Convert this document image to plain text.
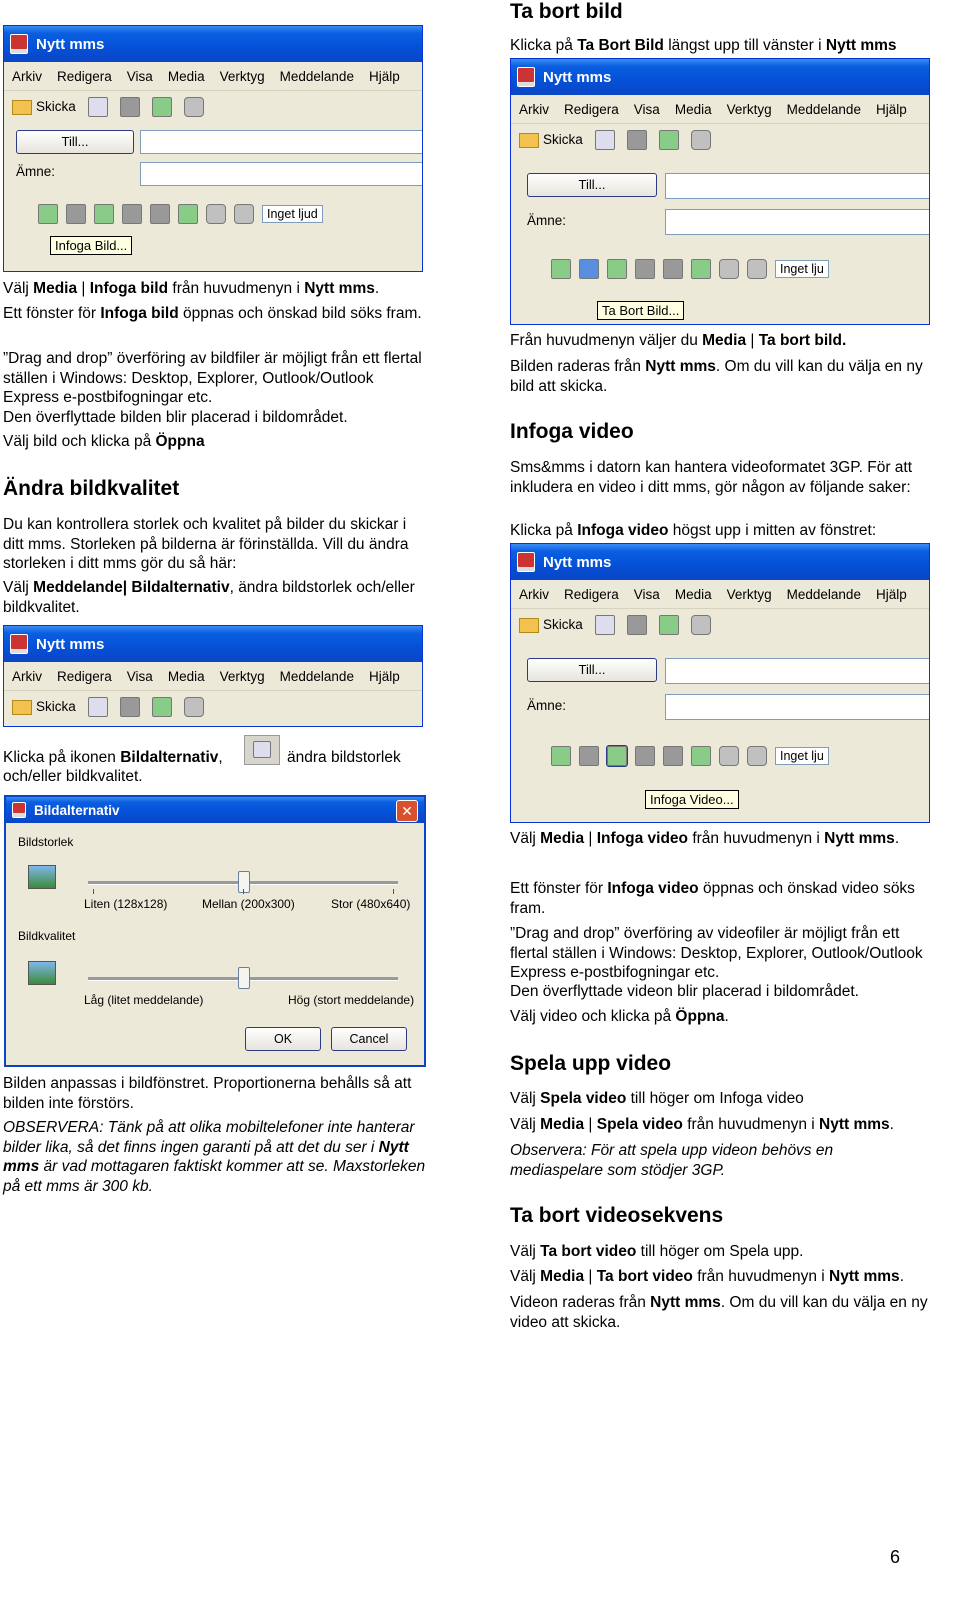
Nytt mms
Arkiv Redigera Visa Media Verktyg Meddelande Hjälp
Skicka
Till...
Ämne:
Inget ljud
Infoga Bild...
Välj Media | Infoga bild från huvudmenyn i Nytt mms.
Ett fönster för Infoga bild öppnas och önskad bild söks fram.
”Drag and drop” överföring av bildfiler är möjligt från ett flertal ställen i Windows: Desktop, Explorer, Outlook/Outlook Express e-postbifogningar etc.
Den överflyttade bilden blir placerad i bildområdet.
Välj bild och klicka på Öppna
Ändra bildkvalitet
Du kan kontrollera storlek och kvalitet på bilder du skickar i ditt mms. Storleken på bilderna är förinställda. Vill du ändra storleken i ditt mms gör du så här:
Välj Meddelande| Bildalternativ, ändra bildstorlek och/eller bildkvalitet.
Nytt mms
Arkiv Redigera Visa Media Verktyg Meddelande Hjälp
Skicka
Klicka på ikonen Bildalternativ,	ändra bildstorlek
och/eller bildkvalitet.
Bildalternativ	✕
Bildstorlek
Liten (128x128)	Mellan (200x300)	Stor (480x640)
Bildkvalitet
Låg (litet meddelande)	Hög (stort meddelande)
OK	Cancel
Bilden anpassas i bildfönstret. Proportionerna behålls så att bilden inte förstörs.
OBSERVERA: Tänk på att olika mobiltelefoner inte hanterar bilder lika, så det finns ingen garanti på att det du ser i Nytt mms är vad mottagaren faktiskt kommer att se. Maxstorleken på ett mms är 300 kb.
Ta bort bild
Klicka på Ta Bort Bild längst upp till vänster i Nytt mms
Nytt mms
Arkiv Redigera Visa Media Verktyg Meddelande Hjälp
Skicka
Till...
Ämne:
Inget lju
Ta Bort Bild...
Från huvudmenyn väljer du Media | Ta bort bild.
Bilden raderas från Nytt mms. Om du vill kan du välja en ny bild att skicka.
Infoga video
Sms&mms i datorn kan hantera videoformatet 3GP. För att inkludera en video i ditt mms, gör någon av följande saker:
Klicka på Infoga video högst upp i mitten av fönstret:
Nytt mms
Arkiv Redigera Visa Media Verktyg Meddelande Hjälp
Skicka
Till...
Ämne:
Inget lju
Infoga Video...
Välj Media | Infoga video från huvudmenyn i Nytt mms.
Ett fönster för Infoga video öppnas och önskad video söks fram.
”Drag and drop” överföring av videofiler är möjligt från ett flertal ställen i Windows: Desktop, Explorer, Outlook/Outlook Express e-postbifogningar etc.
Den överflyttade videon blir placerad i bildområdet.
Välj video och klicka på Öppna.
Spela upp video
Välj Spela video till höger om Infoga video
Välj Media | Spela video från huvudmenyn i Nytt mms.
Observera: För att spela upp videon behövs en mediaspelare som stödjer 3GP.
Ta bort videosekvens
Välj Ta bort video till höger om Spela upp.
Välj Media | Ta bort video från huvudmenyn i Nytt mms.
Videon raderas från Nytt mms. Om du vill kan du välja en ny video att skicka.
6
